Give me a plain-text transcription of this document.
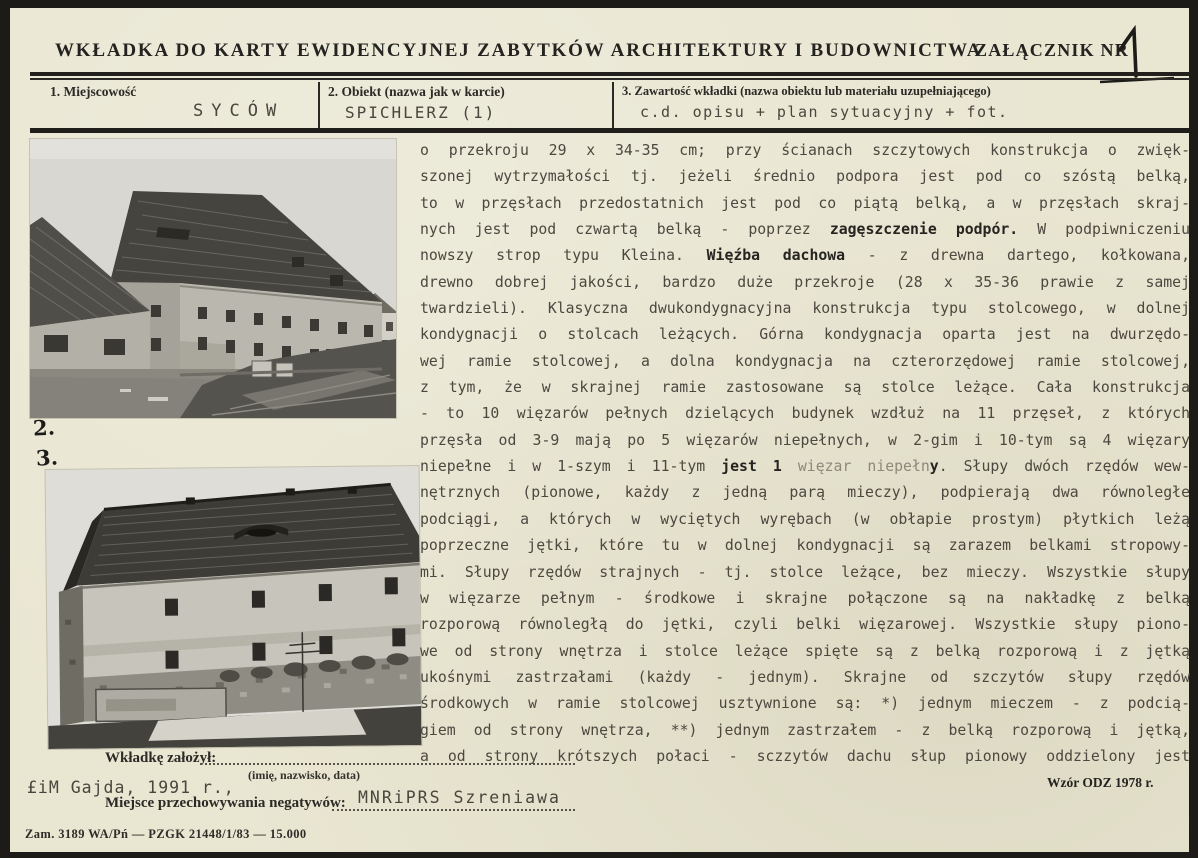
WKŁADKA DO KARTY EWIDENCYJNEJ ZABYTKÓW ARCHITEKTURY I BUDOWNICTWA
ZAŁĄCZNIK NR
1. Miejscowość	2. Obiekt (nazwa jak w karcie)	3. Zawartość wkładki (nazwa obiektu lub materiału uzupełniającego)
SYCÓW	SPICHLERZ (1)	c.d. opisu + plan sytuacyjny + fot.
2.
3.
o przekroju 29 x 34-35 cm; przy ścianach szczytowych konstrukcja o zwięk-
szonej wytrzymałości tj. jeżeli średnio podpora jest pod co szóstą belką,
to w przęsłach przedostatnich jest pod co piątą belką, a w przęsłach skraj-
nych jest pod czwartą belką - poprzez zagęszczenie podpór. W podpiwniczeniu
nowszy strop typu Kleina. Więźba dachowa - z drewna dartego, kołkowana,
drewno dobrej jakości, bardzo duże przekroje (28 x 35-36 prawie z samej
twardzieli). Klasyczna dwukondygnacyjna konstrukcja typu stolcowego, w dolnej
kondygnacji o stolcach leżących. Górna kondygnacja oparta jest na dwurzędo-
wej ramie stolcowej, a dolna kondygnacja na czterorzędowej ramie stolcowej,
z tym, że w skrajnej ramie zastosowane są stolce leżące. Cała konstrukcja
- to 10 więzarów pełnych dzielących budynek wzdłuż na 11 przęseł, z których
przęsła od 3-9 mają po 5 więzarów niepełnych, w 2-gim i 10-tym są 4 więzary
niepełne i w 1-szym i 11-tym jest 1 więzar niepełny. Słupy dwóch rzędów wew-
nętrznych (pionowe, każdy z jedną parą mieczy), podpierają dwa równoległe
podciągi, a których w wyciętych wyrębach (w obłapie prostym) płytkich leżą
poprzeczne jętki, które tu w dolnej kondygnacji są zarazem belkami stropowy-
mi. Słupy rzędów strajnych - tj. stolce leżące, bez mieczy. Wszystkie słupy
w więzarze pełnym - środkowe i skrajne połączone są na nakładkę z belką
rozporową równoległą do jętki, czyli belki więzarowej. Wszystkie słupy piono-
we od strony wnętrza i stolce leżące spięte są z belką rozporową i z jętką
ukośnymi zastrzałami (każdy - jednym). Skrajne od szczytów słupy rzędów
środkowych w ramie stolcowej usztywnione są: *) jednym mieczem - z podcią-
giem od strony wnętrza, **) jednym zastrzałem - z belką rozporową i jętką,
a od strony krótszych połaci - sczzytów dachu słup pionowy oddzielony jest
Wkładkę założył:
(imię, nazwisko, data)
£iM Gajda, 1991 r.,
Miejsce przechowywania negatywów: MNRiPRS Szreniawa
Wzór ODZ 1978 r.
Zam. 3189 WA/Pń — PZGK 21448/1/83 — 15.000
